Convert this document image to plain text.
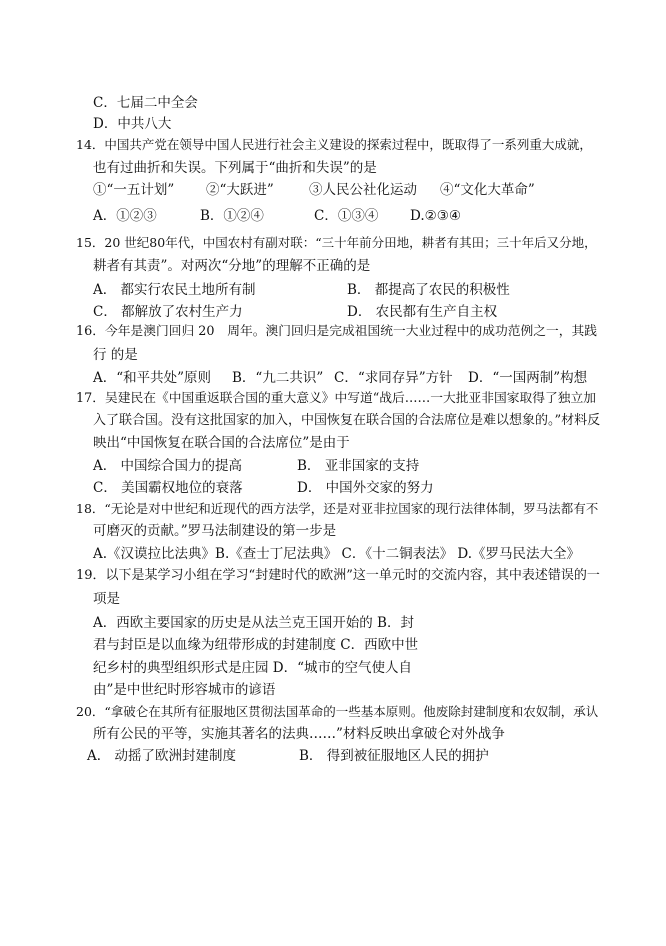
C．七届二中全会
D．中共八大
14．中国共产党在领导中国人民进行社会主义建设的探索过程中，既取得了一系列重大成就，
也有过曲折和失误。下列属于“曲折和失误”的是
①“一五计划” ②“大跃进”	③人民公社化运动 ④“文化大革命”
A．①②③	B．①②④	C．①③④ D.②③④
15．20 世纪80年代，中国农村有副对联：“三十年前分田地，耕者有其田；三十年后又分地，
耕者有其责”。对两次“分地”的理解不正确的是
A． 都实行农民土地所有制	B． 都提高了农民的积极性
C． 都解放了农村生产力	D． 农民都有生产自主权
16．今年是澳门回归 20　周年。澳门回归是完成祖国统一大业过程中的成功范例之一，其践
行 的是
A．“和平共处”原则 B．“九二共识” C．“求同存异”方针 D．“一国两制”构想
17．吴建民在《中国重返联合国的重大意义》中写道“战后……一大批亚非国家取得了独立加
入了联合国。没有这批国家的加入，中国恢复在联合国的合法席位是难以想象的。”材料反
映出“中国恢复在联合国的合法席位”是由于
A． 中国综合国力的提高	B． 亚非国家的支持
C． 美国霸权地位的衰落	D． 中国外交家的努力
18．“无论是对中世纪和近现代的西方法学，还是对亚非拉国家的现行法律体制，罗马法都有不
可磨灭的贡献。”罗马法制建设的第一步是
A.《汉谟拉比法典》B.《查士丁尼法典》 C．《十二铜表法》 D.《罗马民法大全》
19．以下是某学习小组在学习“封建时代的欧洲”这一单元时的交流内容，其中表述错误的一
项是
A．西欧主要国家的历史是从法兰克王国开始的 B．封
君与封臣是以血缘为纽带形成的封建制度 C．西欧中世
纪乡村的典型组织形式是庄园 D．“城市的空气使人自
由”是中世纪时形容城市的谚语
20．“拿破仑在其所有征服地区贯彻法国革命的一些基本原则。他废除封建制度和农奴制，承认
所有公民的平等，实施其著名的法典……”材料反映出拿破仑对外战争
A． 动摇了欧洲封建制度	B． 得到被征服地区人民的拥护
